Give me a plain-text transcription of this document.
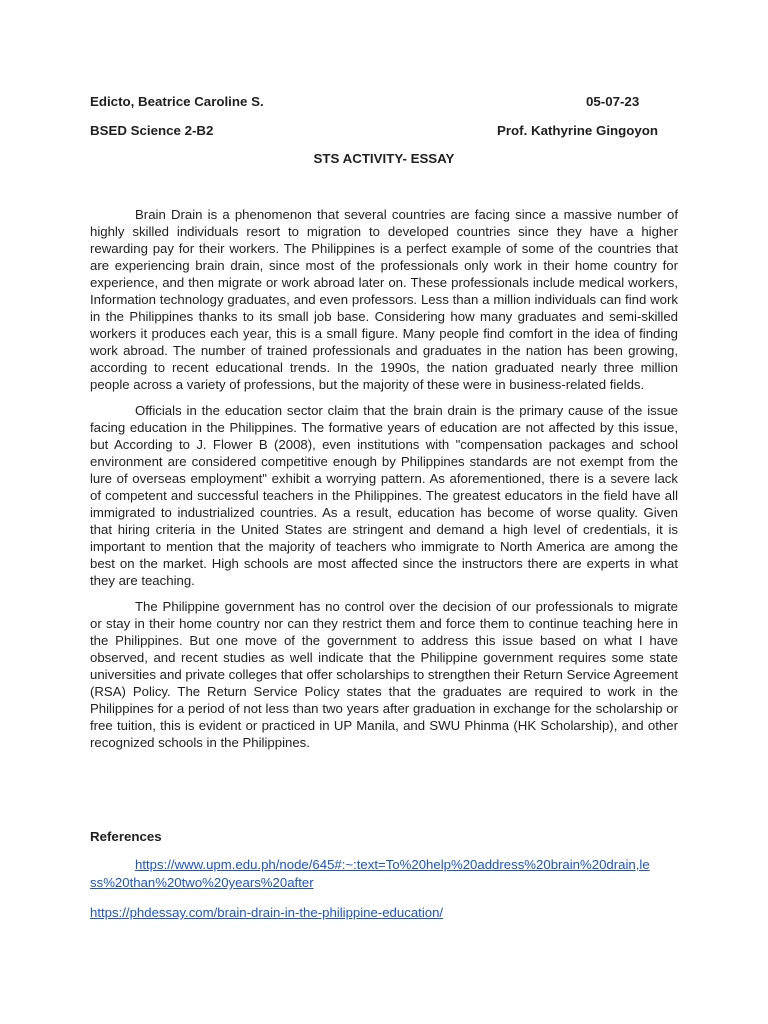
Edicto, Beatrice Caroline S.	05-07-23
BSED Science 2-B2	Prof. Kathyrine Gingoyon
STS ACTIVITY- ESSAY

Brain Drain is a phenomenon that several countries are facing since a massive number of highly skilled individuals resort to migration to developed countries since they have a higher rewarding pay for their workers. The Philippines is a perfect example of some of the countries that are experiencing brain drain, since most of the professionals only work in their home country for experience, and then migrate or work abroad later on. These professionals include medical workers, Information technology graduates, and even professors. Less than a million individuals can find work in the Philippines thanks to its small job base. Considering how many graduates and semi-skilled workers it produces each year, this is a small figure. Many people find comfort in the idea of finding work abroad. The number of trained professionals and graduates in the nation has been growing, according to recent educational trends. In the 1990s, the nation graduated nearly three million people across a variety of professions, but the majority of these were in business-related fields.

Officials in the education sector claim that the brain drain is the primary cause of the issue facing education in the Philippines. The formative years of education are not affected by this issue, but According to J. Flower B (2008), even institutions with "compensation packages and school environment are considered competitive enough by Philippines standards are not exempt from the lure of overseas employment" exhibit a worrying pattern. As aforementioned, there is a severe lack of competent and successful teachers in the Philippines. The greatest educators in the field have all immigrated to industrialized countries. As a result, education has become of worse quality. Given that hiring criteria in the United States are stringent and demand a high level of credentials, it is important to mention that the majority of teachers who immigrate to North America are among the best on the market. High schools are most affected since the instructors there are experts in what they are teaching.

The Philippine government has no control over the decision of our professionals to migrate or stay in their home country nor can they restrict them and force them to continue teaching here in the Philippines. But one move of the government to address this issue based on what I have observed, and recent studies as well indicate that the Philippine government requires some state universities and private colleges that offer scholarships to strengthen their Return Service Agreement (RSA) Policy. The Return Service Policy states that the graduates are required to work in the Philippines for a period of not less than two years after graduation in exchange for the scholarship or free tuition, this is evident or practiced in UP Manila, and SWU Phinma (HK Scholarship), and other recognized schools in the Philippines.

References
https://www.upm.edu.ph/node/645#:~:text=To%20help%20address%20brain%20drain,less%20than%20two%20years%20after
https://phdessay.com/brain-drain-in-the-philippine-education/
